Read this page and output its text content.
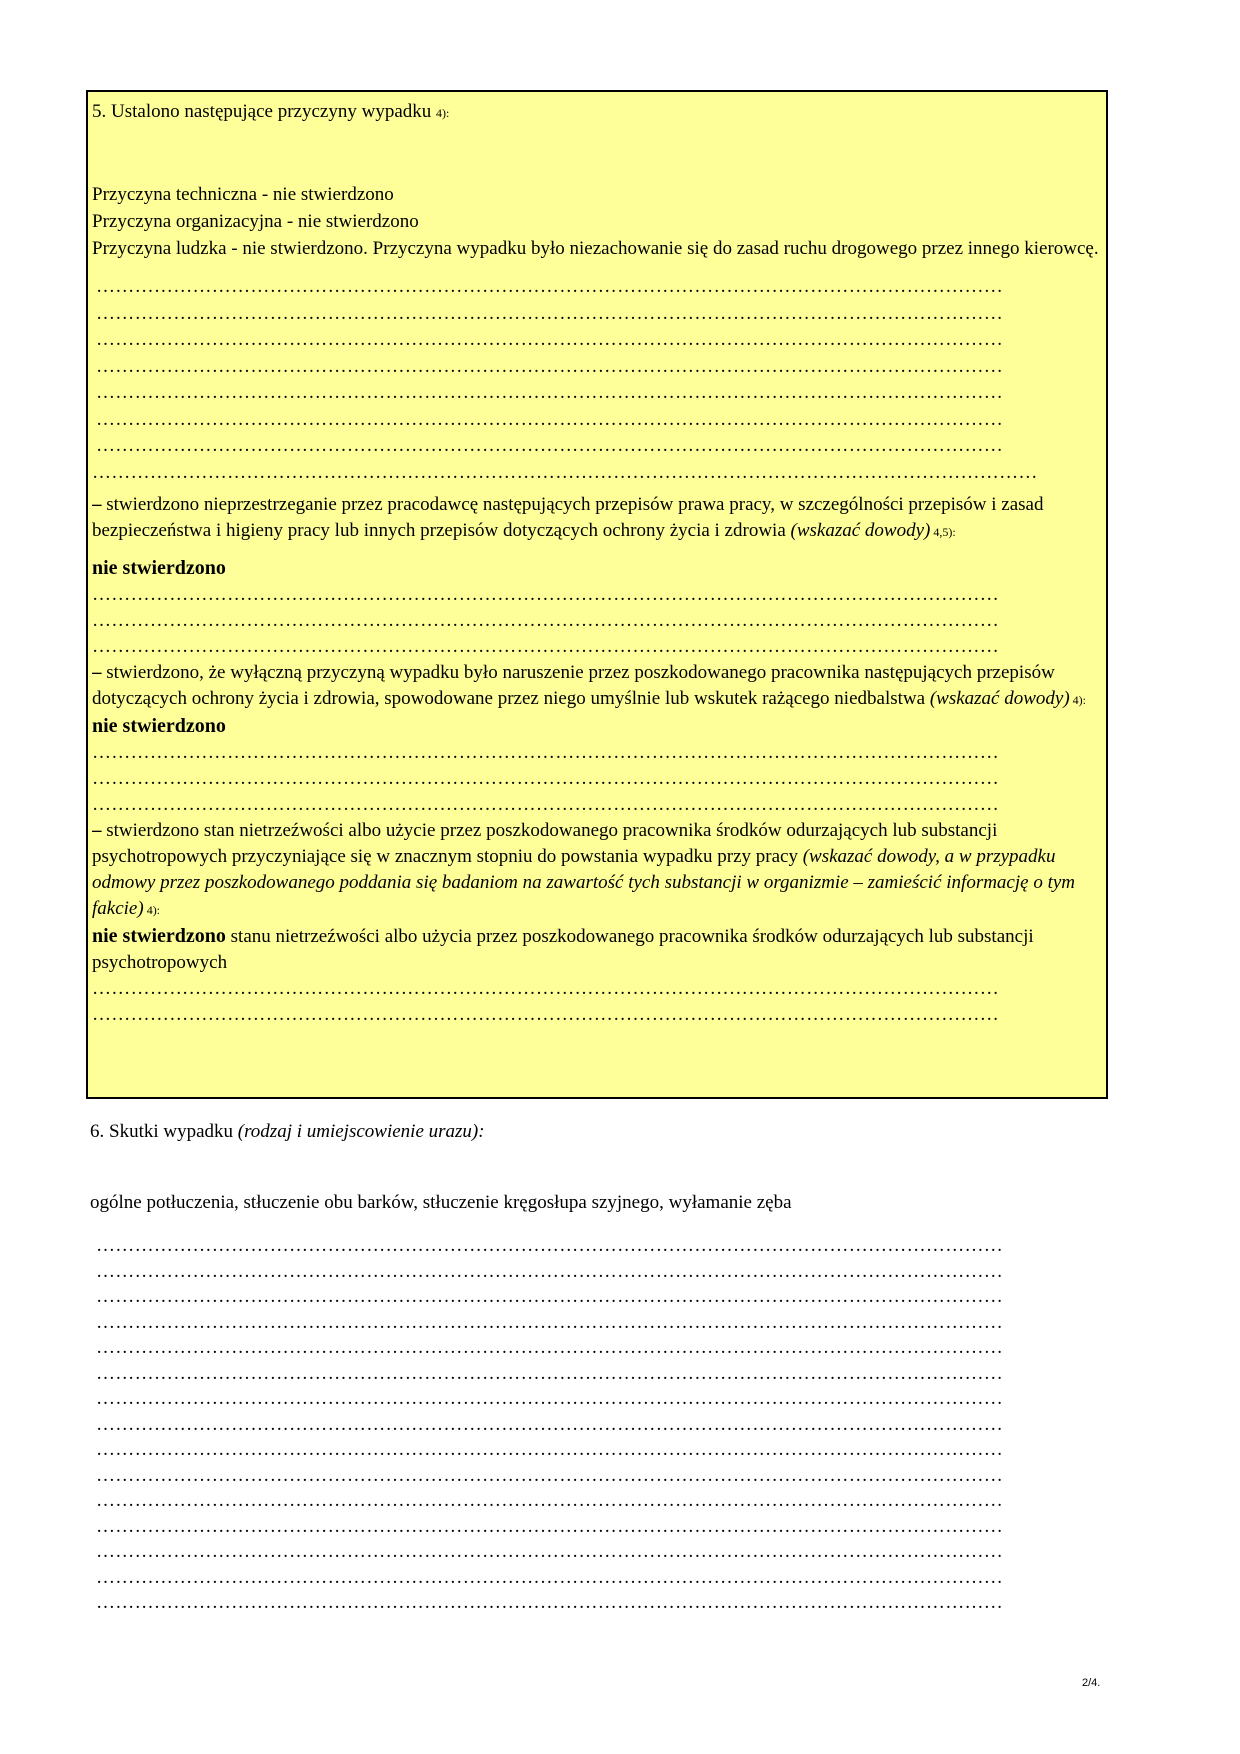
5. Ustalono następujące przyczyny wypadku 4):
Przyczyna techniczna - nie stwierdzono
Przyczyna organizacyjna - nie stwierdzono
Przyczyna ludzka - nie stwierdzono. Przyczyna wypadku było niezachowanie się do zasad ruchu drogowego przez inneg​o kierowcę.
……………………………………………………………………………………………………………………………
……………………………………………………………………………………………………………………………
……………………………………………………………………………………………………………………………
……………………………………………………………………………………………………………………………
……………………………………………………………………………………………………………………………
……………………………………………………………………………………………………………………………
……………………………………………………………………………………………………………………………
…………………………………………………………………………………………………………………………………
– stwierdzono nieprzestrzeganie przez pracodawcę następujących przepisów prawa pracy, w szczególności przepisów i zasad bezpieczeństwa i higieny pracy lub innych przepisów dotyczących ochrony życia i zdrowia (wskazać dowody) 4,5):
nie stwierdzono
……………………………………………………………………………………………………………………………
……………………………………………………………………………………………………………………………
……………………………………………………………………………………………………………………………
– stwierdzono, że wyłączną przyczyną wypadku było naruszenie przez poszkodowanego pracownika następujących przepisów dotyczących ochrony życia i zdrowia, spowodowane przez niego umyślnie lub wskutek rażącego niedbalstwa (wskazać dowody) 4):
nie stwierdzono
……………………………………………………………………………………………………………………………
……………………………………………………………………………………………………………………………
……………………………………………………………………………………………………………………………
– stwierdzono stan nietrzeźwości albo użycie przez poszkodowanego pracownika środków odurzających lub substancji psychotropowych przyczyniające się w znacznym stopniu do powstania wypadku przy pracy (wskazać dowody, a w przypadku odmowy przez poszkodowanego poddania się badaniom na zawartość tych substancji w organizmie – zamieścić informację o tym fakcie) 4):
nie stwierdzono stanu nietrzeźwości albo użycia przez poszkodowanego pracownika środków odurzających lub substancji psychotropowych
……………………………………………………………………………………………………………………………
……………………………………………………………………………………………………………………………
6. Skutki wypadku (rodzaj i umiejscowienie urazu):
ogólne potłuczenia, stłuczenie obu barków, stłuczenie kręgosłupa szyjnego, wyłamanie zęba
……………………………………………………………………………………………………………………………
……………………………………………………………………………………………………………………………
……………………………………………………………………………………………………………………………
……………………………………………………………………………………………………………………………
……………………………………………………………………………………………………………………………
……………………………………………………………………………………………………………………………
……………………………………………………………………………………………………………………………
……………………………………………………………………………………………………………………………
……………………………………………………………………………………………………………………………
……………………………………………………………………………………………………………………………
……………………………………………………………………………………………………………………………
……………………………………………………………………………………………………………………………
……………………………………………………………………………………………………………………………
……………………………………………………………………………………………………………………………
……………………………………………………………………………………………………………………………
2/4.
